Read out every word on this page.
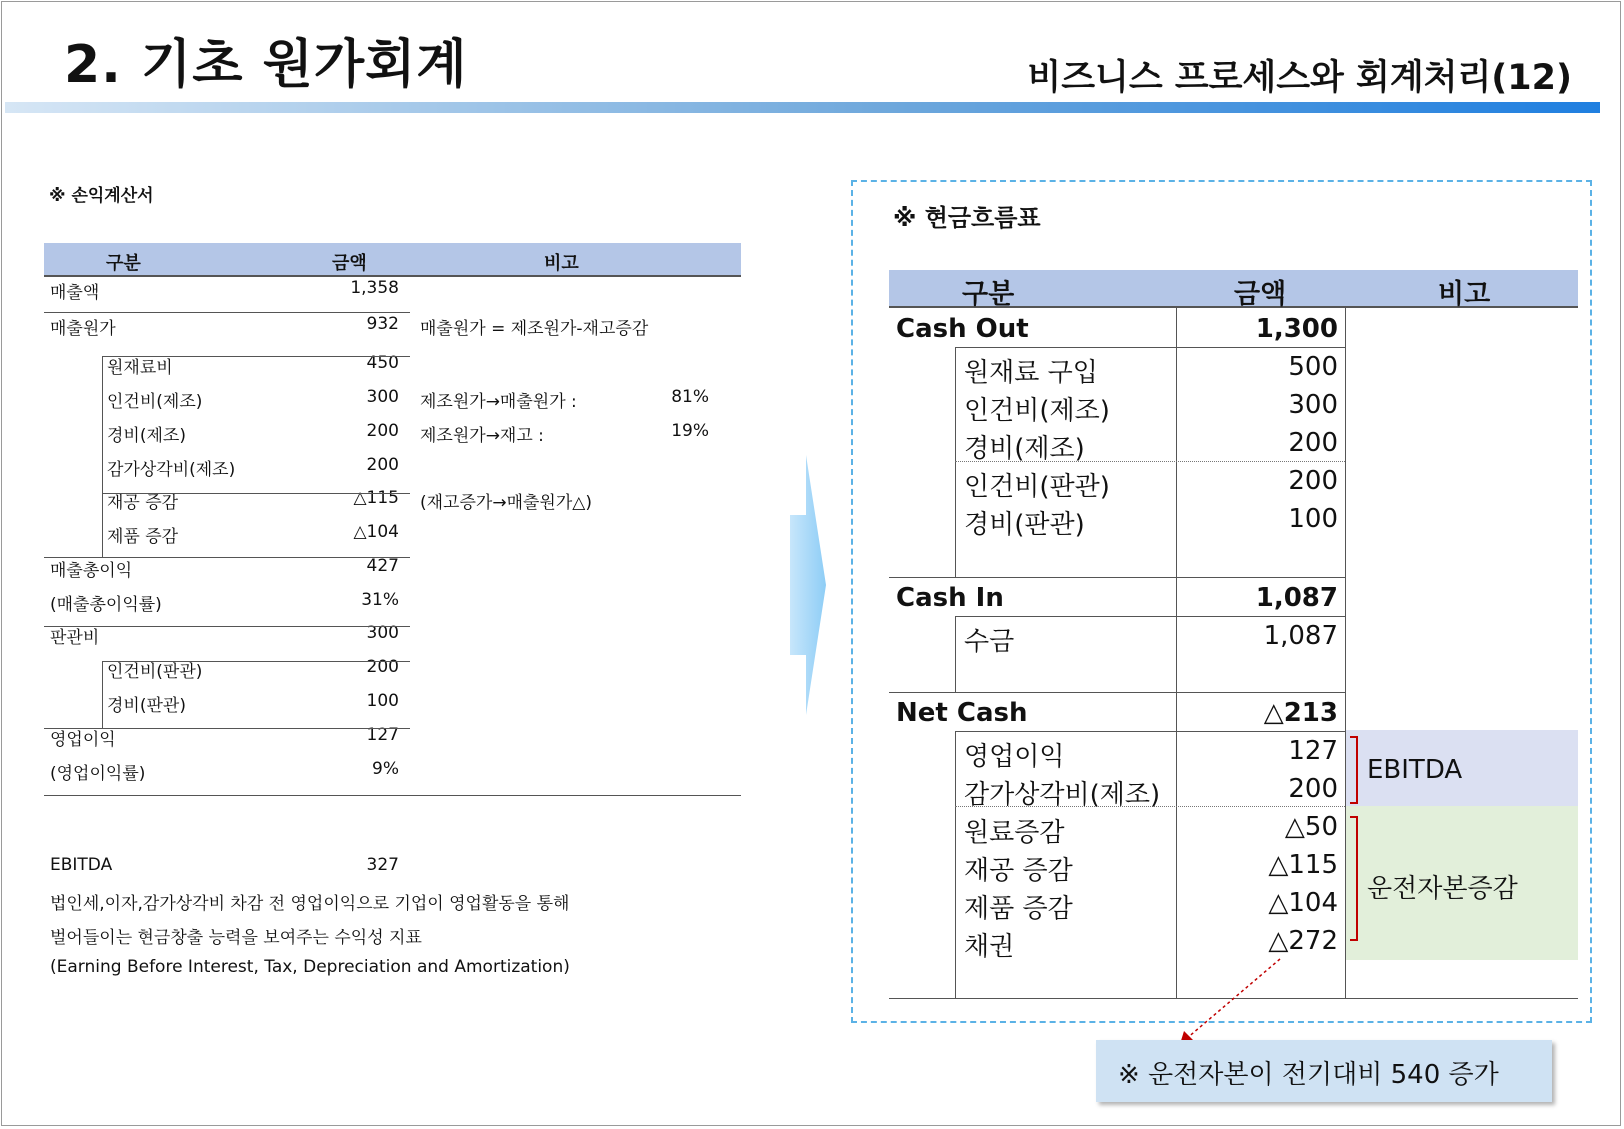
2. 기초 원가회계	비즈니스 프로세스와 회계처리(12)
※ 손익계산서
구분	금액	비고
매출액	1,358
매출원가	932 매출원가 = 제조원가-재고증감
원재료비	450
인건비(제조)	300 제조원가→매출원가 :	81%
경비(제조)	200 제조원가→재고 :	19%
감가상각비(제조)	200
재공 증감	△115 (재고증가→매출원가△)
제품 증감	△104
매출총이익	427
(매출총이익률)	31%
판관비	300
인건비(판관)	200
경비(판관)	100
영업이익	127
(영업이익률)	9%
EBITDA	327
법인세,이자,감가상각비 차감 전 영업이익으로 기업이 영업활동을 통해
벌어들이는 현금창출 능력을 보여주는 수익성 지표
(Earning Before Interest, Tax, Depreciation and Amortization)
※ 현금흐름표
구분	금액	비고
Cash Out	1,300
원재료 구입	500
인건비(제조)	300
경비(제조)	200
인건비(판관)	200
경비(판관)	100
Cash In	1,087
수금	1,087
Net Cash	△213
영업이익	127
감가상각비(제조)	200
원료증감	△50
재공 증감	△115
제품 증감	△104
채권	△272
EBITDA
운전자본증감
※ 운전자본이 전기대비 540 증가
